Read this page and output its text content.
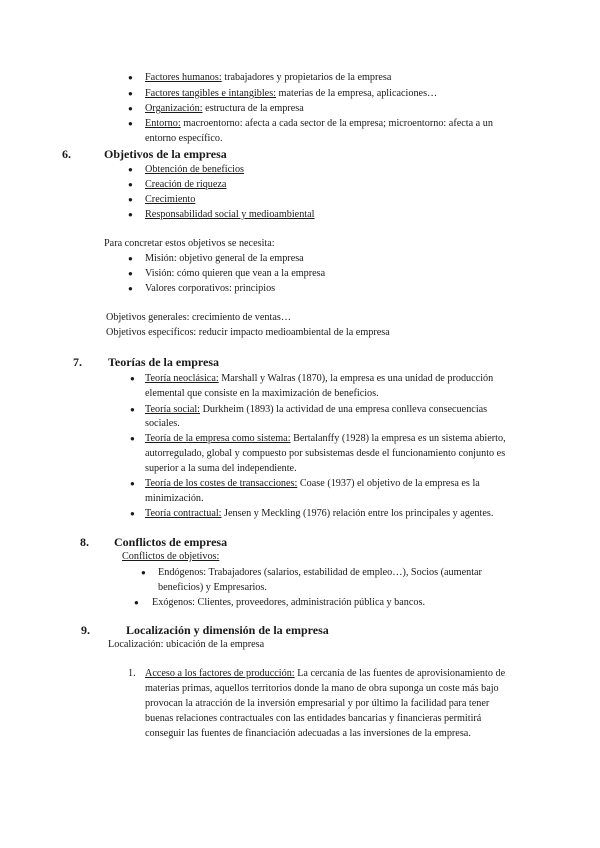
● Factores humanos: trabajadores y propietarios de la empresa
● Factores tangibles e intangibles: materias de la empresa, aplicaciones…
● Organización: estructura de la empresa
● Entorno: macroentorno: afecta a cada sector de la empresa; microentorno: afecta a un
entorno específico.
6.	Objetivos de la empresa
● Obtención de beneficios
● Creación de riqueza
● Crecimiento
● Responsabilidad social y medioambiental
Para concretar estos objetivos se necesita:
● Misión: objetivo general de la empresa
● Visión: cómo quieren que vean a la empresa
● Valores corporativos: principios
Objetivos generales: crecimiento de ventas…
Objetivos específicos: reducir impacto medioambiental de la empresa
7. Teorías de la empresa
● Teoría neoclásica: Marshall y Walras (1870), la empresa es una unidad de producción
elemental que consiste en la maximización de beneficios.
● Teoría social: Durkheim (1893) la actividad de una empresa conlleva consecuencias
sociales.
● Teoría de la empresa como sistema: Bertalanffy (1928) la empresa es un sistema abierto,
autorregulado, global y compuesto por subsistemas desde el funcionamiento conjunto es
superior a la suma del independiente.
● Teoría de los costes de transacciones: Coase (1937) el objetivo de la empresa es la
minimización.
● Teoría contractual: Jensen y Meckling (1976) relación entre los principales y agentes.
8. Conflictos de empresa
Conflictos de objetivos:
● Endógenos: Trabajadores (salarios, estabilidad de empleo…), Socios (aumentar
beneficios) y Empresarios.
● Exógenos: Clientes, proveedores, administración pública y bancos.
9.	Localización y dimensión de la empresa
Localización: ubicación de la empresa
1. Acceso a los factores de producción: La cercanía de las fuentes de aprovisionamiento de
materias primas, aquellos territorios donde la mano de obra suponga un coste más bajo
provocan la atracción de la inversión empresarial y por último la facilidad para tener
buenas relaciones contractuales con las entidades bancarias y financieras permitirá
conseguir las fuentes de financiación adecuadas a las inversiones de la empresa.
